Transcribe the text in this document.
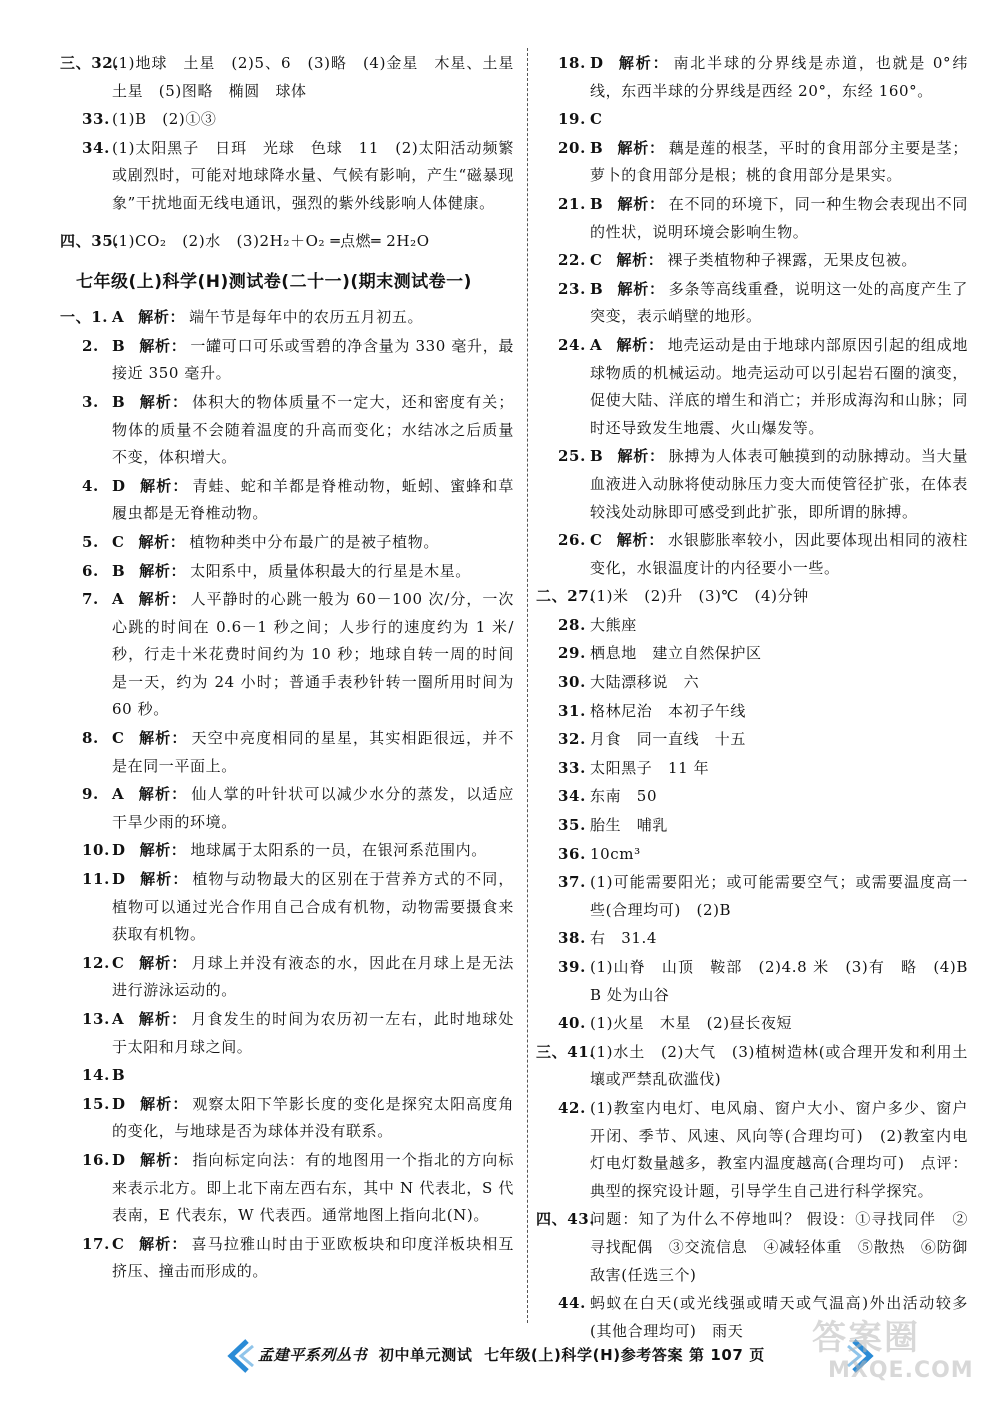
三、32.
(1)地球　土星　(2)5、6　(3)略　(4)金星　木星、土星　土星　(5)图略　椭圆　球体
33. (1)B　(2)①③
34. (1)太阳黑子　日珥　光球　色球　11　(2)太阳活动频繁或剧烈时，可能对地球降水量、气候有影响，产生“磁暴现象”干扰地面无线电通讯，强烈的紫外线影响人体健康。
四、35.
(1)CO₂　(2)水　(3)2H₂＋O₂ ═点燃═ 2H₂O
七年级(上)科学(H)测试卷(二十一)(期末测试卷一)
一、1. A 解析： 端午节是每年中的农历五月初五。
2. B 解析： 一罐可口可乐或雪碧的净含量为 330 毫升，最接近 350 毫升。
3. B 解析： 体积大的物体质量不一定大，还和密度有关；物体的质量不会随着温度的升高而变化；水结冰之后质量不变，体积增大。
4. D 解析： 青蛙、蛇和羊都是脊椎动物，蚯蚓、蜜蜂和草履虫都是无脊椎动物。
5. C 解析： 植物种类中分布最广的是被子植物。
6. B 解析： 太阳系中，质量体积最大的行星是木星。
7. A 解析： 人平静时的心跳一般为 60－100 次/分，一次心跳的时间在 0.6－1 秒之间；人步行的速度约为 1 米/秒，行走十米花费时间约为 10 秒；地球自转一周的时间是一天，约为 24 小时；普通手表秒针转一圈所用时间为 60 秒。
8. C 解析： 天空中亮度相同的星星，其实相距很远，并不是在同一平面上。
9. A 解析： 仙人掌的叶针状可以减少水分的蒸发，以适应干旱少雨的环境。
10. D 解析： 地球属于太阳系的一员，在银河系范围内。
11. D 解析： 植物与动物最大的区别在于营养方式的不同，植物可以通过光合作用自己合成有机物，动物需要摄食来获取有机物。
12. C 解析： 月球上并没有液态的水，因此在月球上是无法进行游泳运动的。
13. A 解析： 月食发生的时间为农历初一左右，此时地球处于太阳和月球之间。
14. B
15. D 解析： 观察太阳下竿影长度的变化是探究太阳高度角的变化，与地球是否为球体并没有联系。
16. D 解析： 指向标定向法：有的地图用一个指北的方向标来表示北方。即上北下南左西右东，其中 N 代表北，S 代表南，E 代表东，W 代表西。通常地图上指向北(N)。
17. C 解析： 喜马拉雅山时由于亚欧板块和印度洋板块相互挤压、撞击而形成的。
18. D 解析： 南北半球的分界线是赤道，也就是 0°纬线，东西半球的分界线是西经 20°，东经 160°。
19. C
20. B 解析： 藕是莲的根茎，平时的食用部分主要是茎；萝卜的食用部分是根；桃的食用部分是果实。
21. B 解析： 在不同的环境下，同一种生物会表现出不同的性状，说明环境会影响生物。
22. C 解析： 裸子类植物种子裸露，无果皮包被。
23. B 解析： 多条等高线重叠，说明这一处的高度产生了突变，表示峭壁的地形。
24. A 解析： 地壳运动是由于地球内部原因引起的组成地球物质的机械运动。地壳运动可以引起岩石圈的演变，促使大陆、洋底的增生和消亡；并形成海沟和山脉；同时还导致发生地震、火山爆发等。
25. B 解析： 脉搏为人体表可触摸到的动脉搏动。当大量血液进入动脉将使动脉压力变大而使管径扩张，在体表较浅处动脉即可感受到此扩张，即所谓的脉搏。
26. C 解析： 水银膨胀率较小，因此要体现出相同的液柱变化，水银温度计的内径要小一些。
二、27.
(1)米　(2)升　(3)℃　(4)分钟
28. 大熊座
29. 栖息地　建立自然保护区
30. 大陆漂移说　六
31. 格林尼治　本初子午线
32. 月食　同一直线　十五
33. 太阳黑子　11 年
34. 东南　50
35. 胎生　哺乳
36. 10cm³
37. (1)可能需要阳光；或可能需要空气；或需要温度高一些(合理均可)　(2)B
38. 右　31.4
39. (1)山脊　山顶　鞍部　(2)4.8 米　(3)有　略　(4)B　B 处为山谷
40. (1)火星　木星　(2)昼长夜短
三、41.
(1)水土　(2)大气　(3)植树造林(或合理开发和利用土壤或严禁乱砍滥伐)
42. (1)教室内电灯、电风扇、窗户大小、窗户多少、窗户开闭、季节、风速、风向等(合理均可)　(2)教室内电灯电灯数量越多，教室内温度越高(合理均可)　点评：典型的探究设计题，引导学生自己进行科学探究。
四、43.
问题：知了为什么不停地叫？ 假设：①寻找同伴　②寻找配偶　③交流信息　④减轻体重　⑤散热　⑥防御敌害(任选三个)
44. 蚂蚁在白天(或光线强或晴天或气温高)外出活动较多(其他合理均可)　雨天
孟建平系列丛书 初中单元测试 七年级(上)科学(H)参考答案 第 107 页 答案圈
MXQE.COM
